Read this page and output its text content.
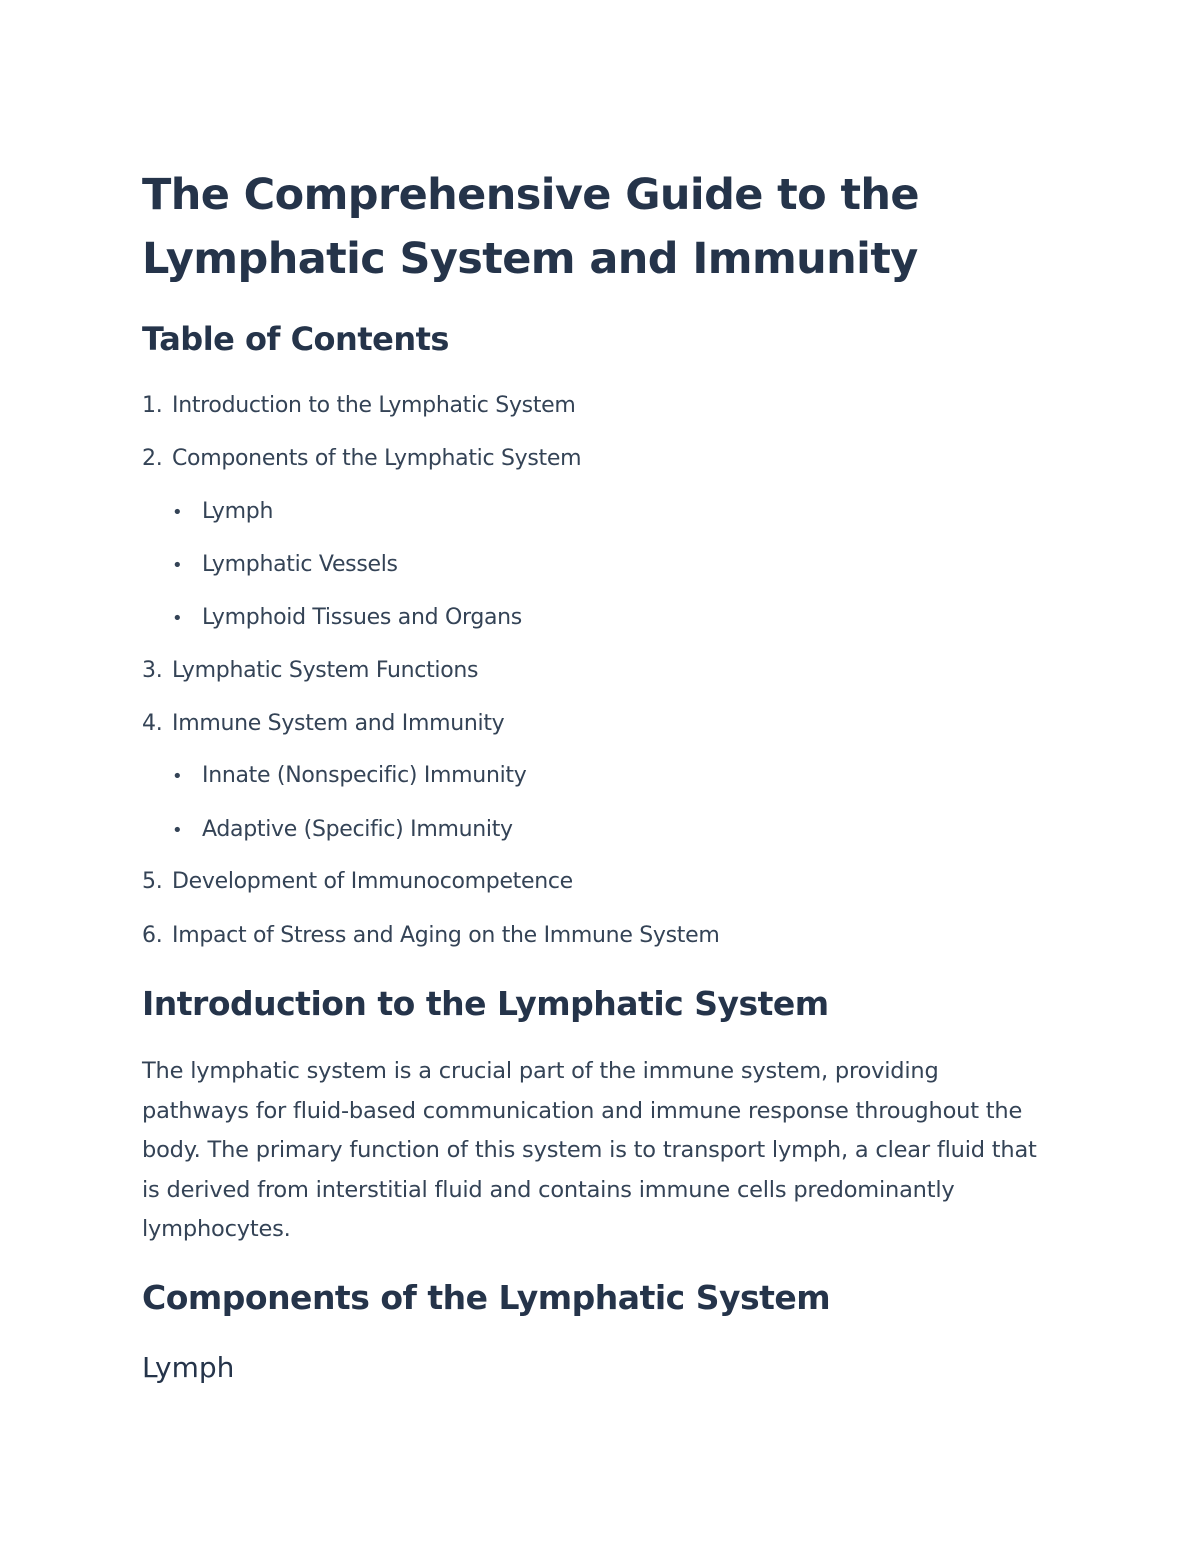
The Comprehensive Guide to the Lymphatic System and Immunity
Table of Contents
1. Introduction to the Lymphatic System
2. Components of the Lymphatic System
• Lymph
• Lymphatic Vessels
• Lymphoid Tissues and Organs
3. Lymphatic System Functions
4. Immune System and Immunity
• Innate (Nonspecific) Immunity
• Adaptive (Specific) Immunity
5. Development of Immunocompetence
6. Impact of Stress and Aging on the Immune System
Introduction to the Lymphatic System

The lymphatic system is a crucial part of the immune system, providing pathways for fluid-based communication and immune response throughout the body. The primary function of this system is to transport lymph, a clear fluid that is derived from interstitial fluid and contains immune cells predominantly lymphocytes.

Components of the Lymphatic System
Lymph
